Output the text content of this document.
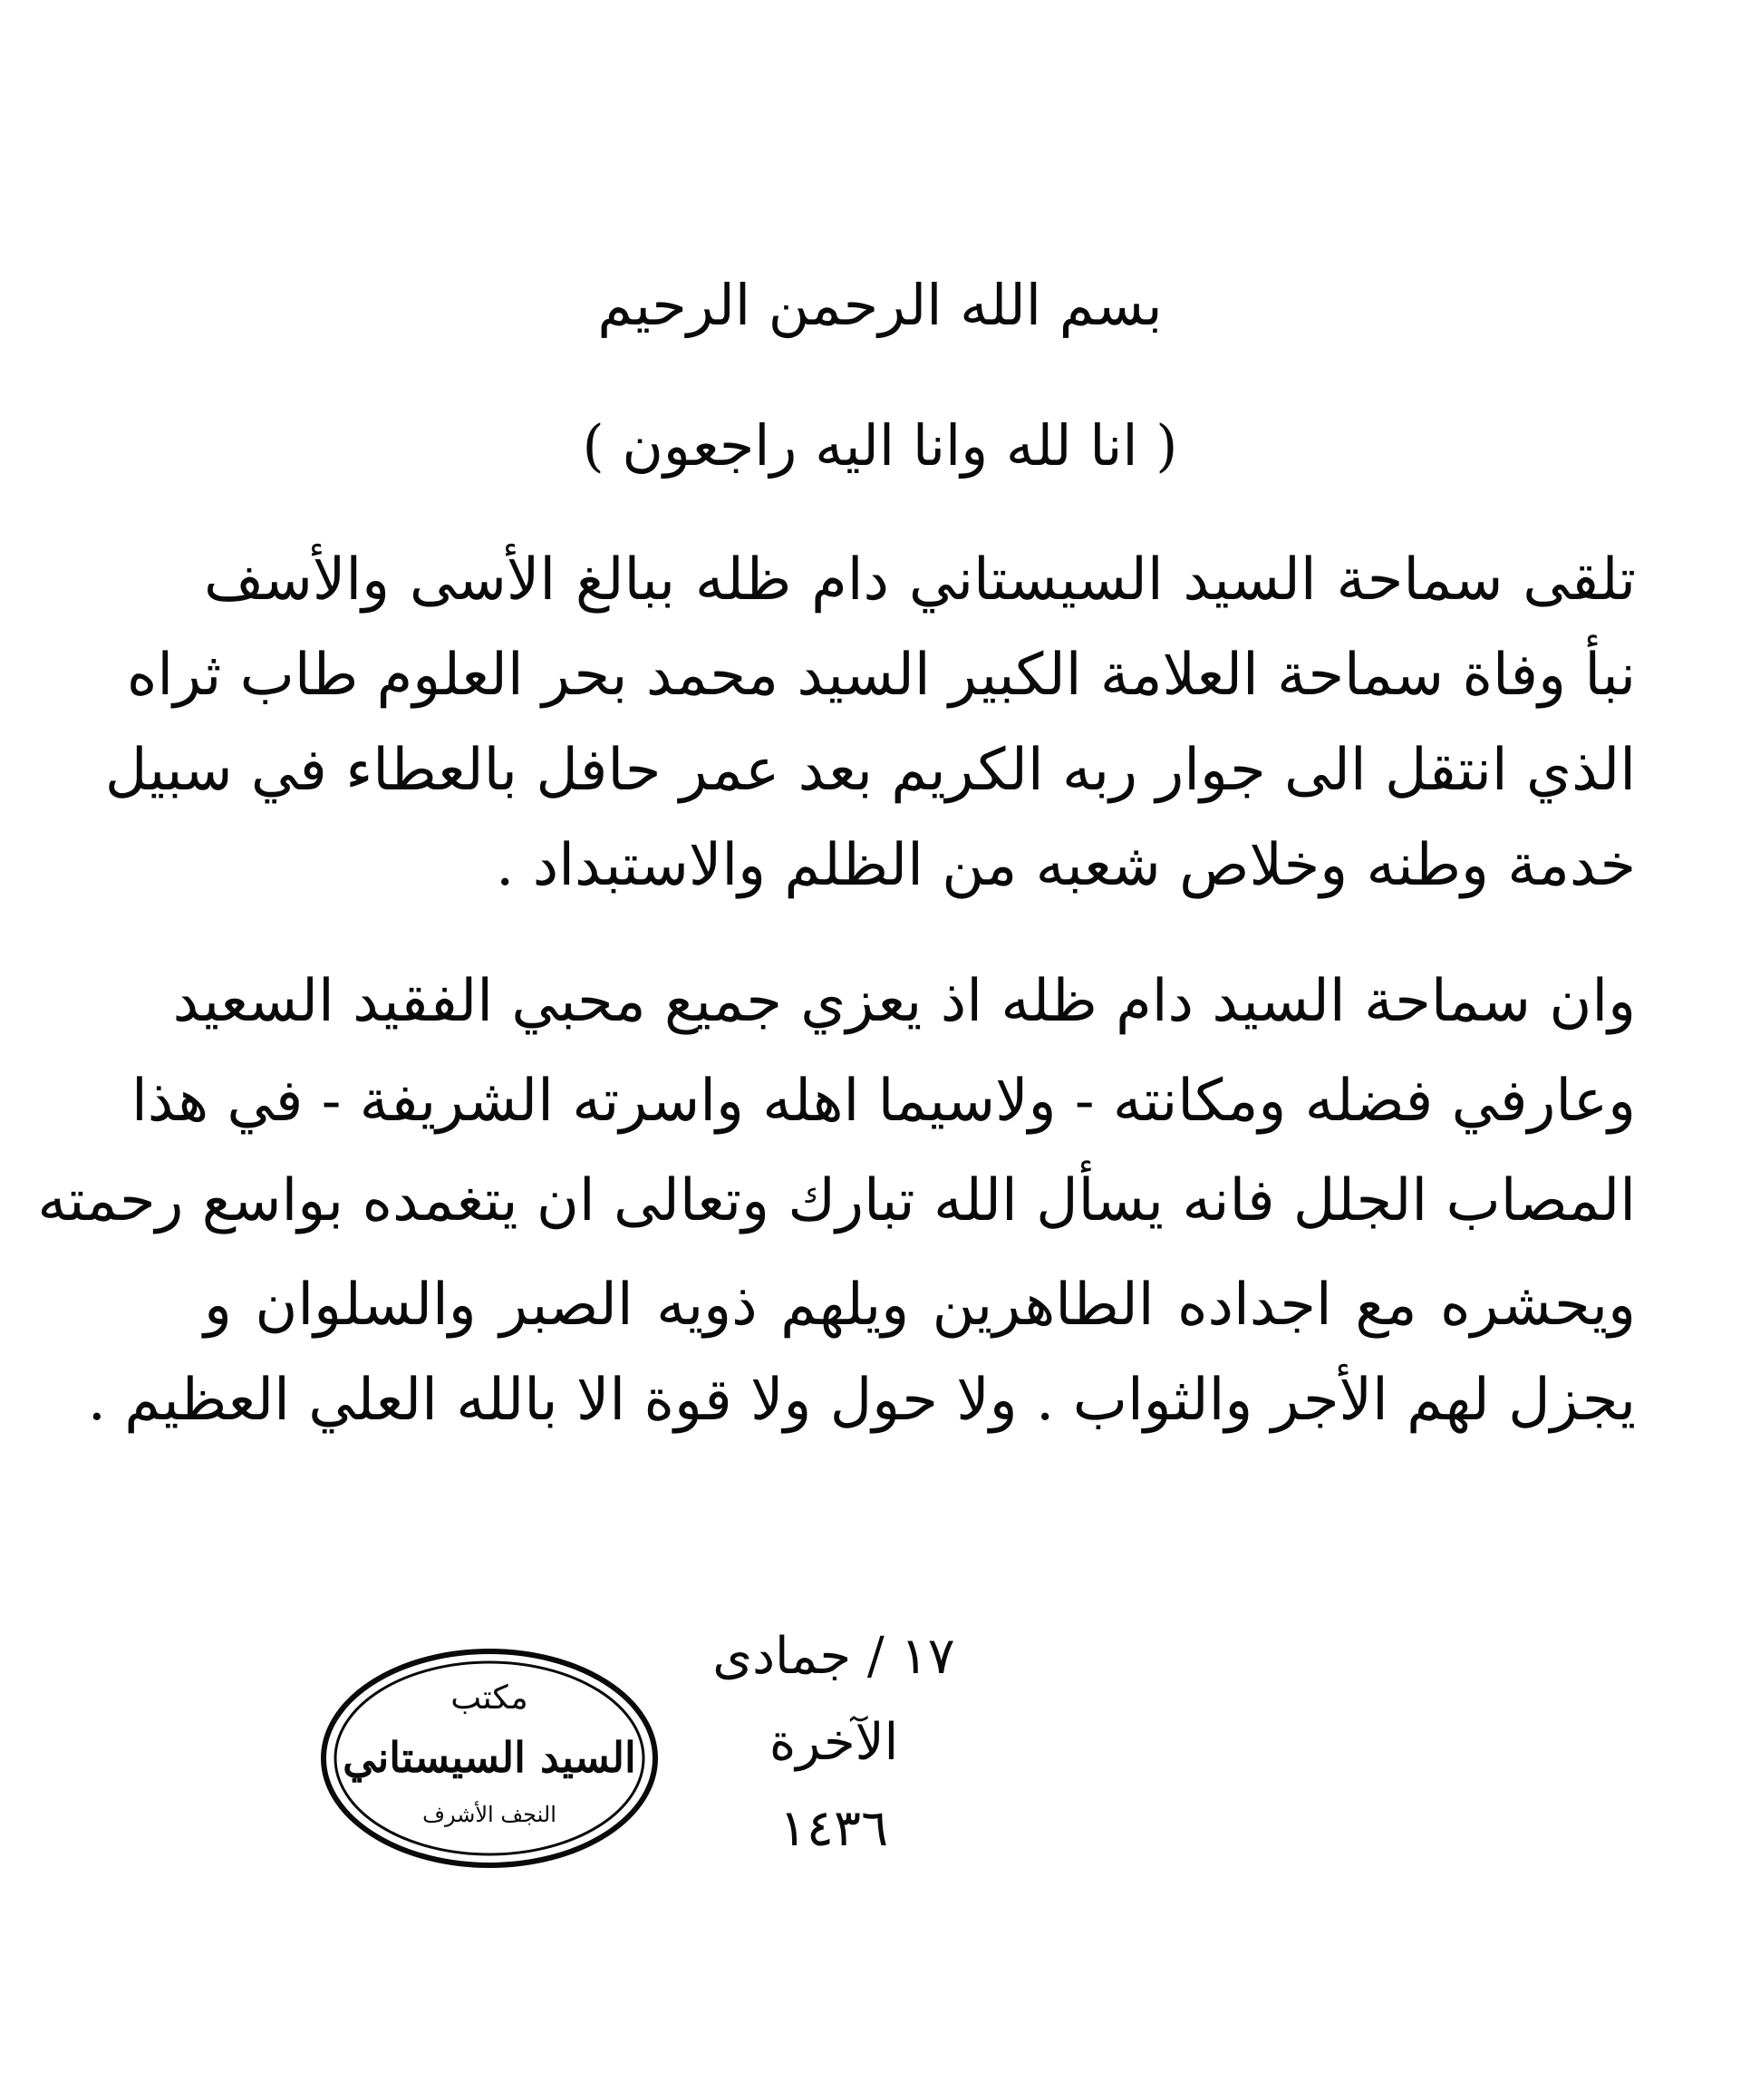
بسم الله الرحمن الرحيم
( انا لله وانا اليه راجعون )
تلقى سماحة السيد السيستاني دام ظله ببالغ الأسى والأسف
نبأ وفاة سماحة العلامة الكبير السيد محمد بحر العلوم طاب ثراه
الذي انتقل الى جوار ربه الكريم بعد عمر حافل بالعطاء في سبيل
خدمة وطنه وخلاص شعبه من الظلم والاستبداد .
وان سماحة السيد دام ظله اذ يعزي جميع محبي الفقيد السعيد
وعارفي فضله ومكانته - ولاسيما اهله واسرته الشريفة - في هذا
المصاب الجلل فانه يسأل الله تبارك وتعالى ان يتغمده بواسع رحمته
ويحشره مع اجداده الطاهرين ويلهم ذويه الصبر والسلوان و
يجزل لهم الأجر والثواب . ولا حول ولا قوة الا بالله العلي العظيم .
١٧ / جمادى الآخرة
١٤٣٦
مكتب
السيد السيستاني
النجف الأشرف
